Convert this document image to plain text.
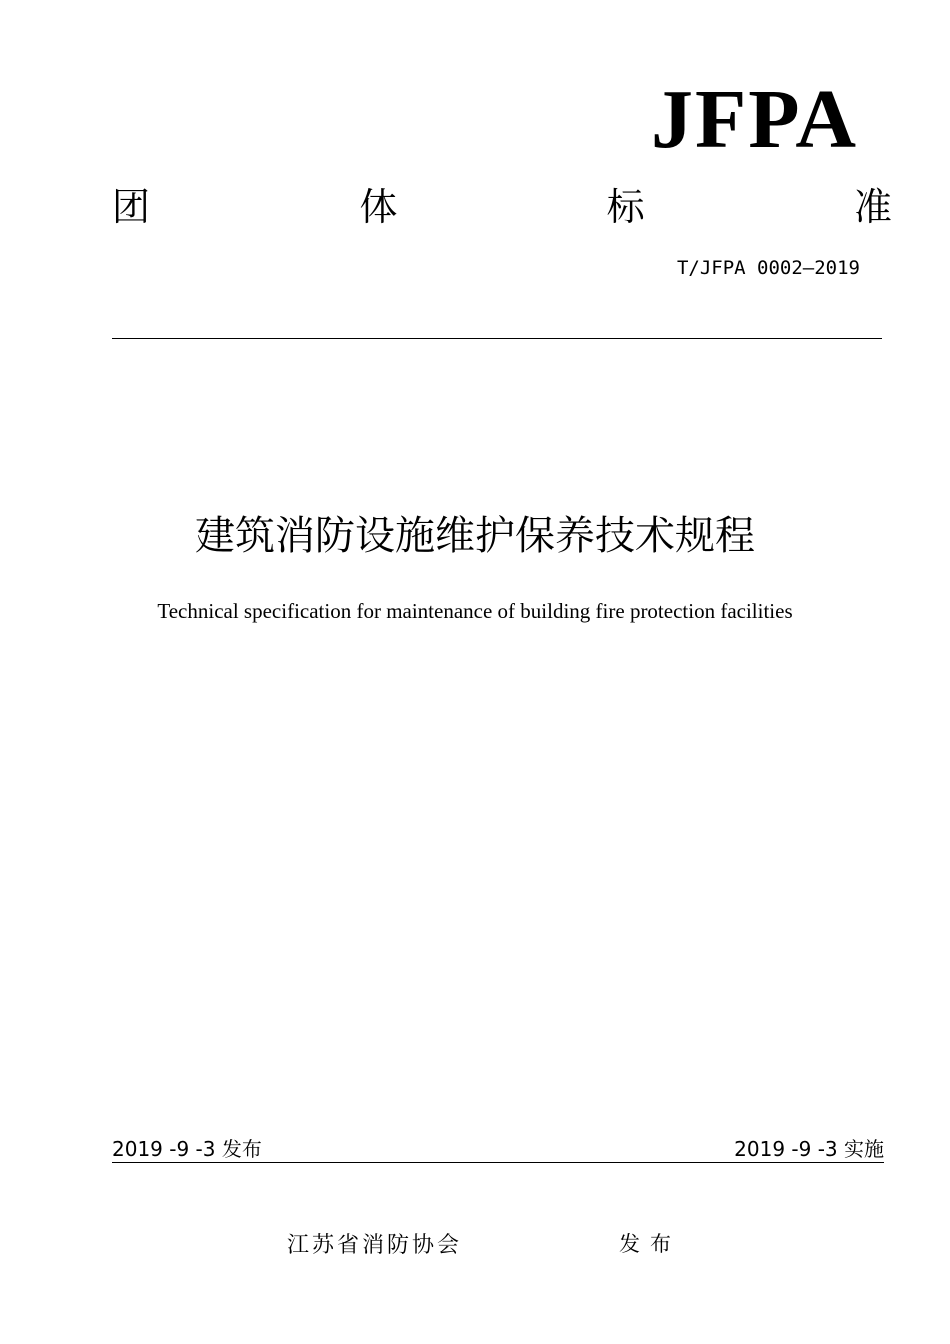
JFPA
团	体	标	准
T/JFPA 0002—2019
建筑消防设施维护保养技术规程
Technical specification for maintenance of building fire protection facilities
2019 -9 -3 发布	2019 -9 -3 实施
江苏省消防协会	发布
